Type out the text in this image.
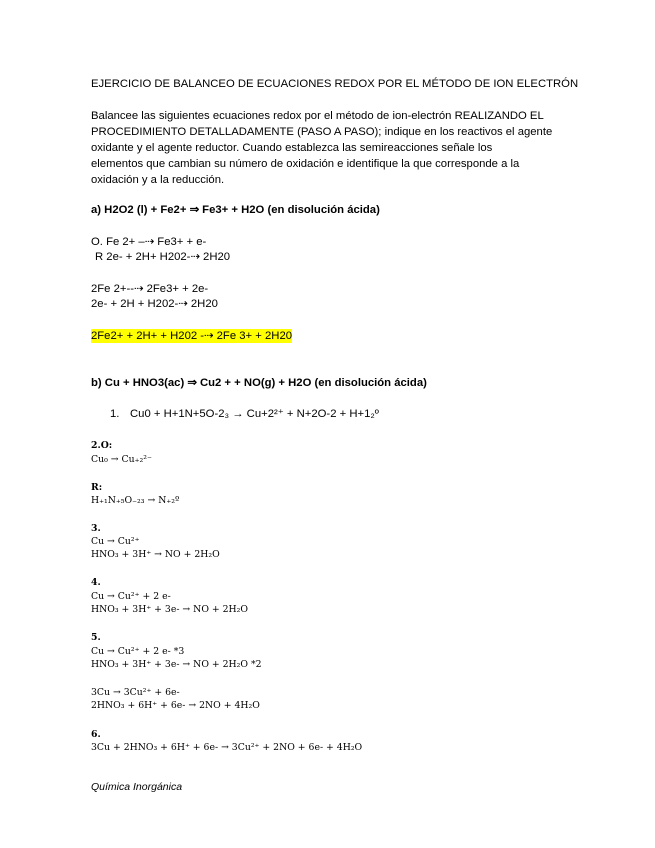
EJERCICIO DE BALANCEO DE ECUACIONES REDOX POR EL MÉTODO DE ION ELECTRÓN
Balancee las siguientes ecuaciones redox por el método de ion-electrón REALIZANDO EL
PROCEDIMIENTO DETALLADAMENTE (PASO A PASO); indique en los reactivos el agente
oxidante y el agente reductor. Cuando establezca las semireacciones señale los
elementos que cambian su número de oxidación e identifique la que corresponde a la
oxidación y a la reducción.
a) H2O2 (l) + Fe2+ ⇒ Fe3+ + H2O (en disolución ácida)
O. Fe 2+ –⇢ Fe3+ + e-
R 2e- + 2H+ H202-⇢ 2H20
2Fe 2+--⇢ 2Fe3+ + 2e-
2e- + 2H + H202-⇢ 2H20
2Fe2+ + 2H+ + H202 -⇢ 2Fe 3+ + 2H20
b) Cu + HNO3(ac) ⇒ Cu2 + + NO(g) + H2O (en disolución ácida)
1. Cu0 + H+1N+5O-2₃ → Cu+2²⁺ + N+2O-2 + H+1₂º
2.O:
Cu₀ → Cu₊₂²⁻
R:
H₊₁N₊₅O₋₂₃ → N₊₂º
3.
Cu → Cu²⁺
HNO₃ + 3H⁺ → NO + 2H₂O
4.
Cu → Cu²⁺ + 2 e-
HNO₃ + 3H⁺ + 3e- → NO + 2H₂O
5.
Cu → Cu²⁺ + 2 e- *3
HNO₃ + 3H⁺ + 3e- → NO + 2H₂O *2
3Cu → 3Cu²⁺ + 6e-
2HNO₃ + 6H⁺ + 6e- → 2NO + 4H₂O
6.
3Cu + 2HNO₃ + 6H⁺ + 6e- → 3Cu²⁺ + 2NO + 6e- + 4H₂O
Química Inorgánica
